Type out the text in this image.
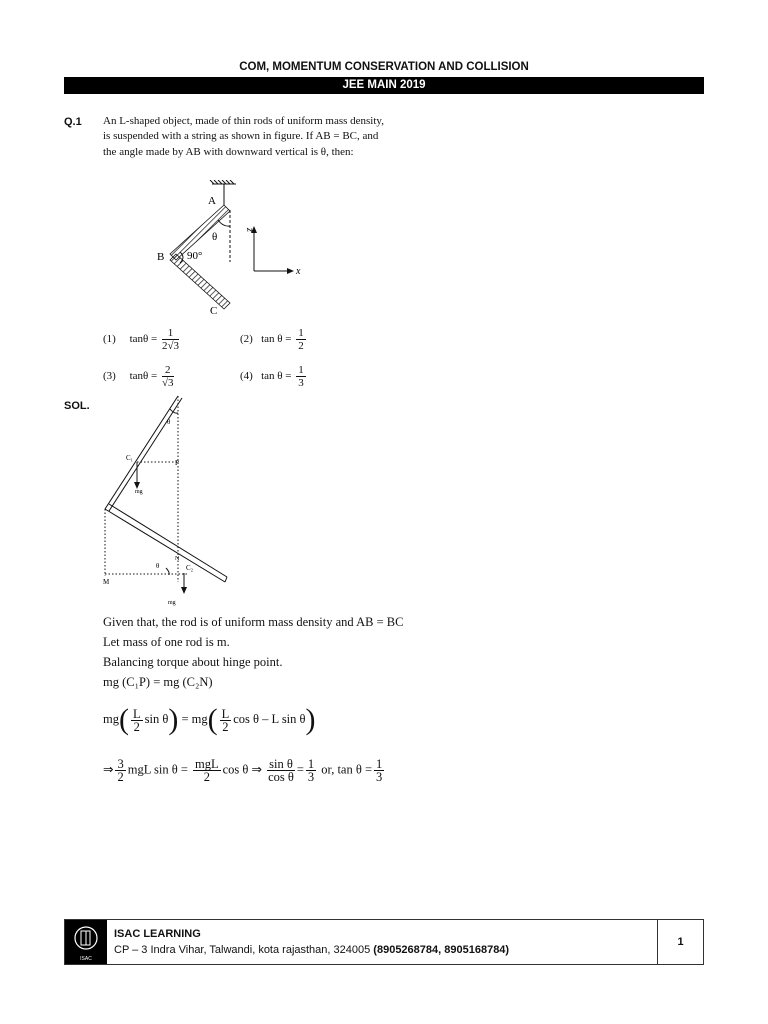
COM, MOMENTUM CONSERVATION AND COLLISION
JEE MAIN 2019
Q.1 An L-shaped object, made of thin rods of uniform mass density, is suspended with a string as shown in figure. If AB = BC, and the angle made by AB with downward vertical is θ, then:
A
θ
B 90°
C
z
x
(1) $\tan\theta = \frac{1}{2√3}$	(2) $\tan \theta = \frac{1}{2}$
(3) $\tan\theta = \frac{2}{√3}$	(4) $\tan \theta = \frac{1}{3}$
SOL.
C₁
P
mg
θ
M
θ
N
C₂
mg
Given that, the rod is of uniform mass density and AB = BC
Let mass of one rod is m.
Balancing torque about hinge point.
mg (C₁P) = mg (C₂N)
$mg( \frac{L}{2}$ $\sin \theta) = mg( \frac{L}{2}$ cos θ – L sin θ)
⇒ $\frac{3}{2}$ mgL $\sin \theta = \frac{\text{mgL}}{2}$ cos θ ⇒ $\frac{\text{sin θ}}{\text{cos θ}} = \frac{1}{3}$ or, $\tan \theta = \frac{1}{3}$
ISAC
ISAC LEARNING
CP – 3 Indra Vihar, Talwandi, kota rajasthan, 324005 (8905268784, 8905168784)
1
